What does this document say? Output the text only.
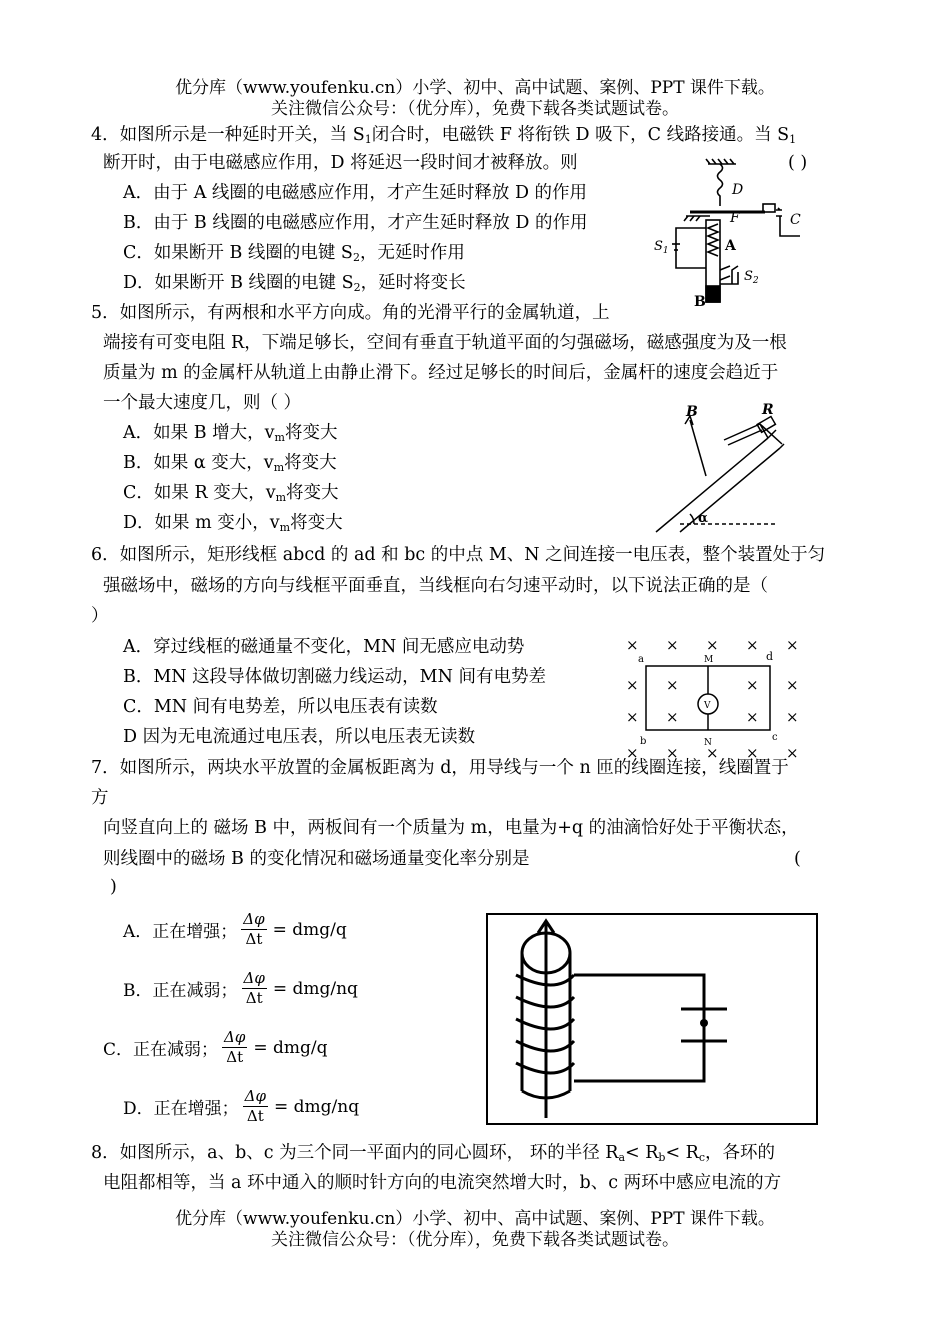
优分库（www.youfenku.cn）小学、初中、高中试题、案例、PPT 课件下载。
关注微信公众号：（优分库），免费下载各类试题试卷。
4．如图所示是一种延时开关，当 $S_1$闭合时，电磁铁 F 将衔铁 D 吸下，C 线路接通。当 $S_1$
断开时，由于电磁感应作用，D 将延迟一段时间才被释放。则	( )
A．由于 A 线圈的电磁感应作用，才产生延时释放 D 的作用
B．由于 B 线圈的电磁感应作用，才产生延时释放 D 的作用
C．如果断开 B 线圈的电键 $S_2$，无延时作用
D．如果断开 B 线圈的电键 $S_2$，延时将变长
D
F	C
A
B
$S_1$
$S_2$
5．如图所示，有两根和水平方向成。角的光滑平行的金属轨道，上
端接有可变电阻 R，下端足够长，空间有垂直于轨道平面的匀强磁场，磁感强度为及一根
质量为 m 的金属杆从轨道上由静止滑下。经过足够长的时间后，金属杆的速度会趋近于
一个最大速度几，则（ ）
A．如果 B 增大，$v_m$将变大
B．如果 α 变大，$v_m$将变大
C．如果 R 变大，$v_m$将变大
D．如果 m 变小，$v_m$将变大
B	R
α
6．如图所示，矩形线框 abcd 的 ad 和 bc 的中点 M、N 之间连接一电压表，整个装置处于匀
强磁场中，磁场的方向与线框平面垂直，当线框向右匀速平动时，以下说法正确的是（
）
A．穿过线框的磁通量不变化，MN 间无感应电动势
B．MN 这段导体做切割磁力线运动，MN 间有电势差
C．MN 间有电势差，所以电压表有读数
D 因为无电流通过电压表，所以电压表无读数
× × × × ×
× ×	× ×
× ×	× ×
× × × × ×
V
a	M	d
b	N	c
7．如图所示，两块水平放置的金属板距离为 d，用导线与一个 n 匝的线圈连接，线圈置于
方
向竖直向上的 磁场 B 中，两板间有一个质量为 m，电量为+q 的油滴恰好处于平衡状态，
则线圈中的磁场 B 的变化情况和磁场通量变化率分别是	(
)
A．正在增强； $\frac{\Delta\varphi}{\Delta t} = dmg/q$
B．正在减弱； $\frac{\Delta\varphi}{\Delta t} = dmg/nq$
C．正在减弱； $\frac{\Delta\varphi}{\Delta t} = dmg/q$
D．正在增强； $\frac{\Delta\varphi}{\Delta t} = dmg/nq$
8．如图所示，a、b、c 为三个同一平面内的同心圆环， 环的半径 $R_a< R_b< R_c$，各环的
电阻都相等，当 a 环中通入的顺时针方向的电流突然增大时，b、c 两环中感应电流的方
优分库（www.youfenku.cn）小学、初中、高中试题、案例、PPT 课件下载。
关注微信公众号：（优分库），免费下载各类试题试卷。
